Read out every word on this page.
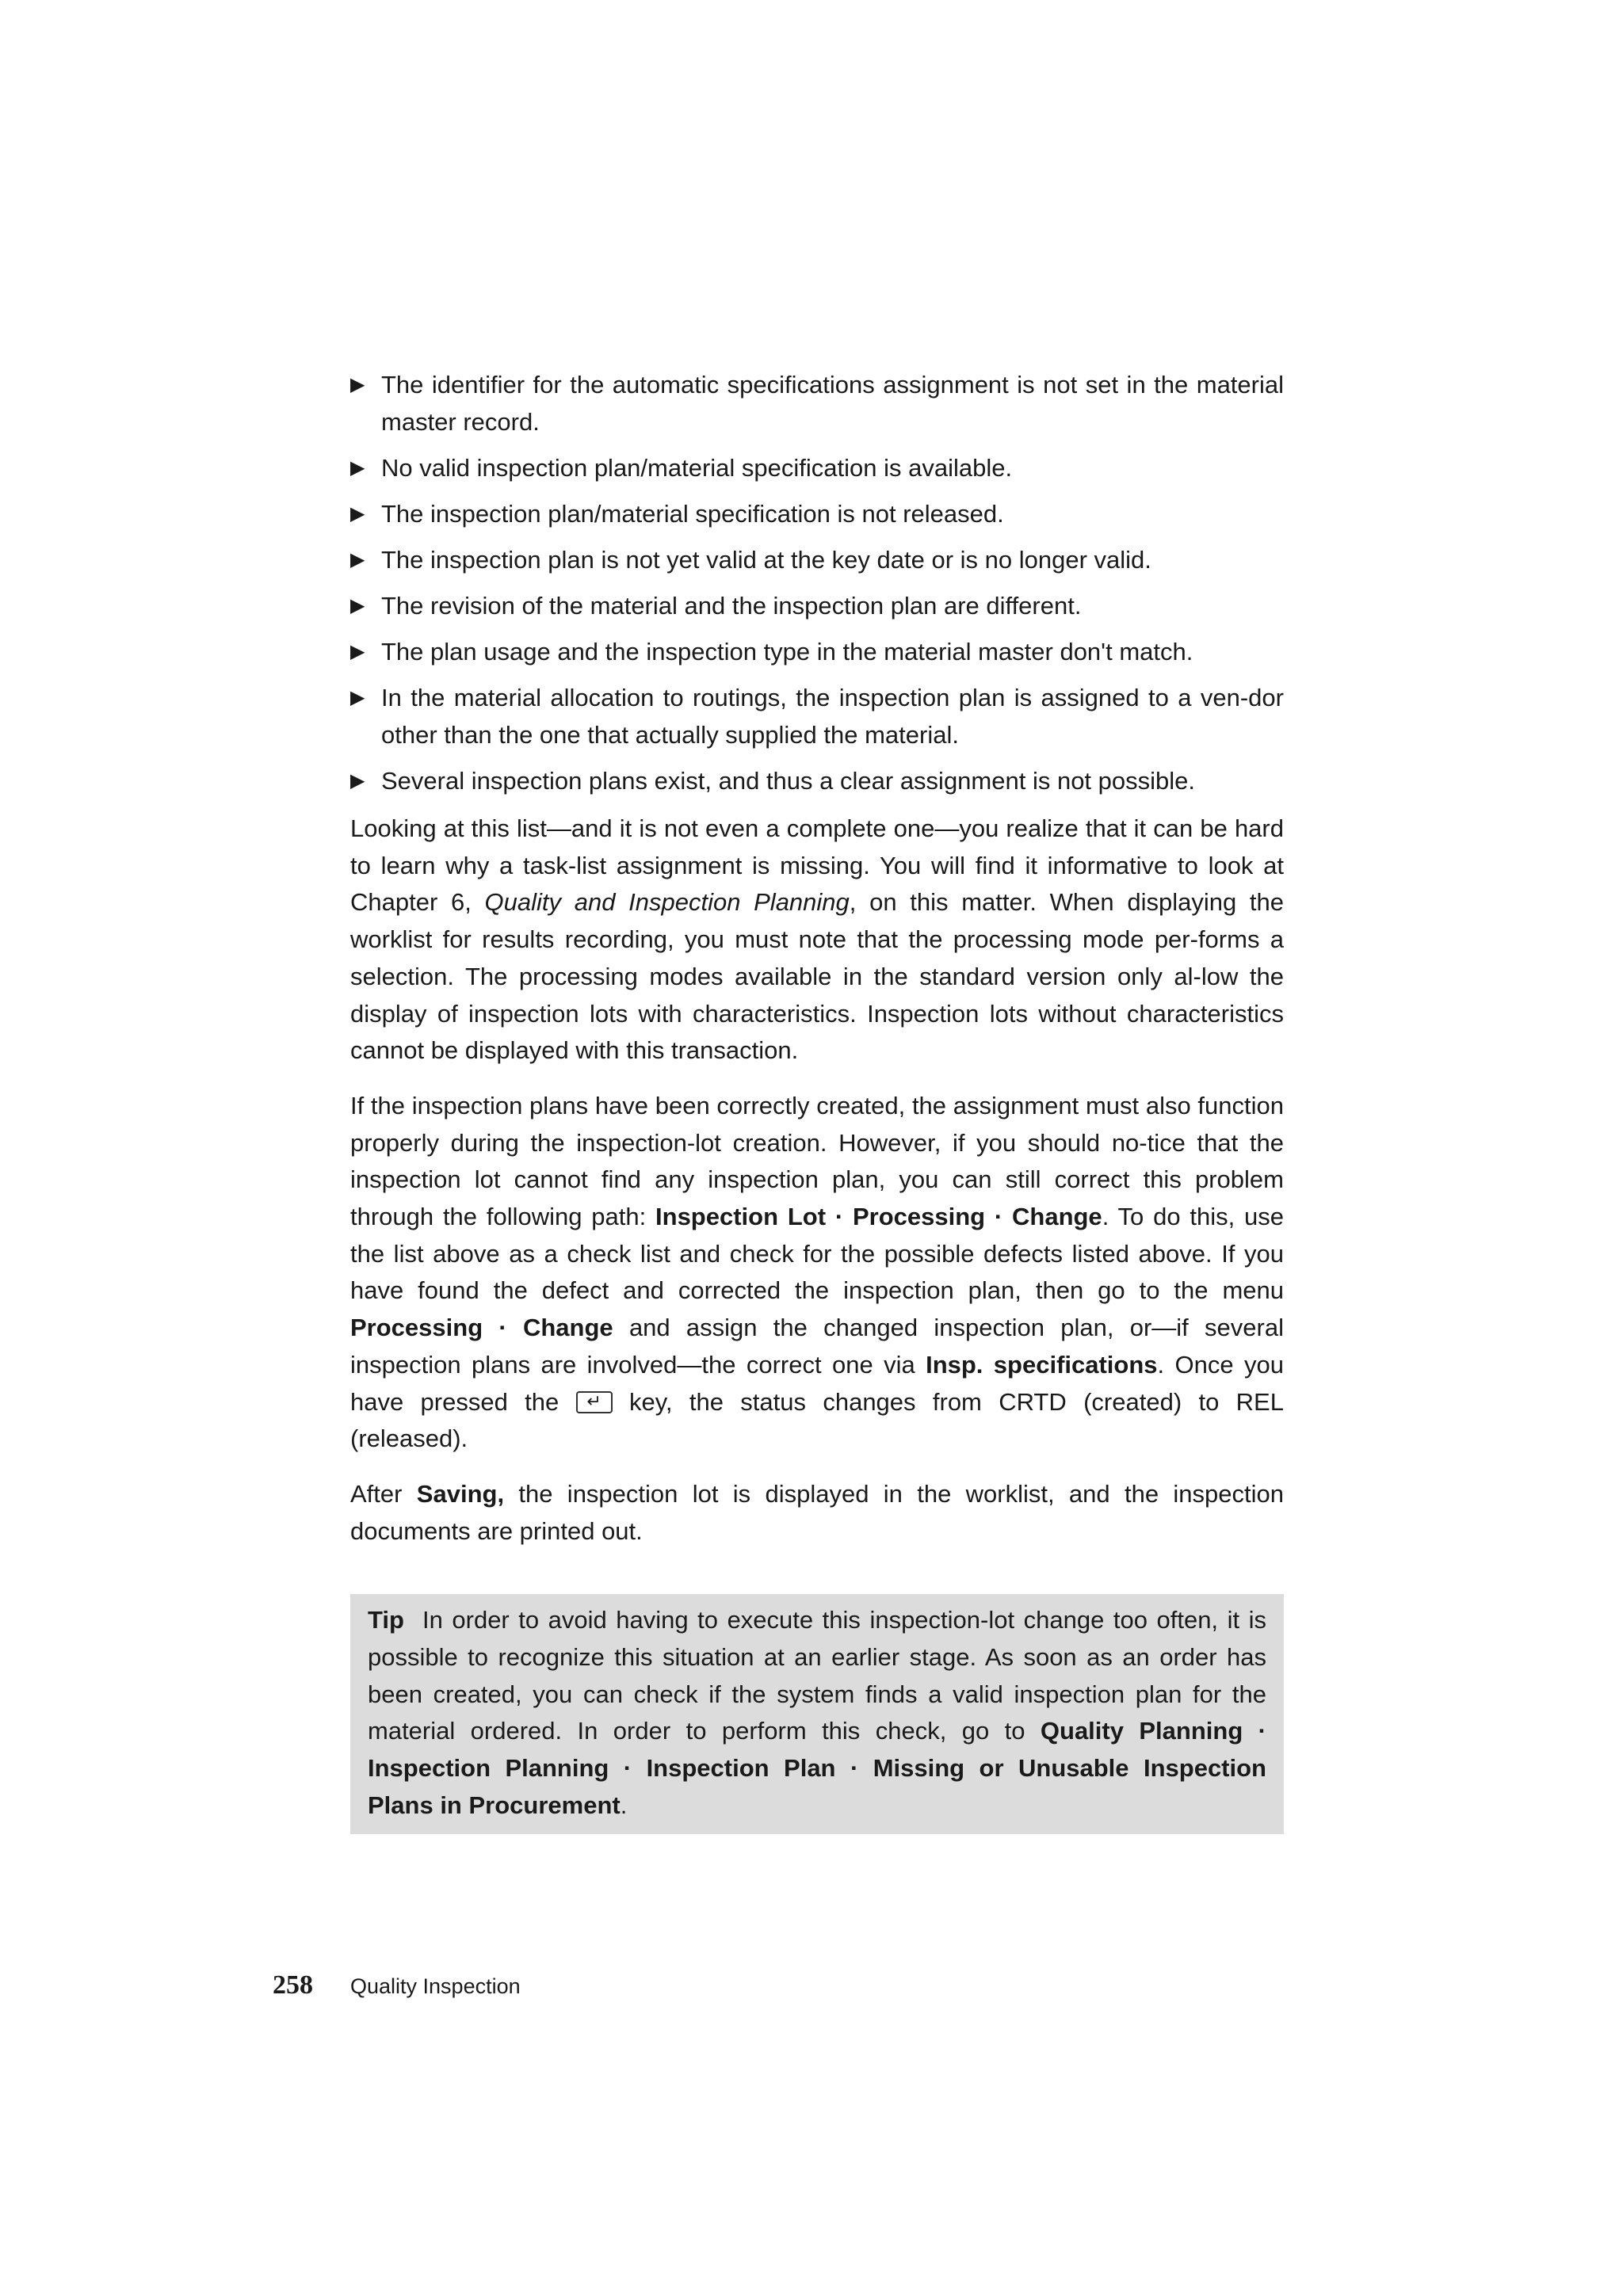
▶ The identifier for the automatic specifications assignment is not set in the material master record.
▶ No valid inspection plan/material specification is available.
▶ The inspection plan/material specification is not released.
▶ The inspection plan is not yet valid at the key date or is no longer valid.
▶ The revision of the material and the inspection plan are different.
▶ The plan usage and the inspection type in the material master don't match.
▶ In the material allocation to routings, the inspection plan is assigned to a ven-dor other than the one that actually supplied the material.
▶ Several inspection plans exist, and thus a clear assignment is not possible.

Looking at this list—and it is not even a complete one—you realize that it can be hard to learn why a task-list assignment is missing. You will find it informative to look at Chapter 6, Quality and Inspection Planning, on this matter. When displaying the worklist for results recording, you must note that the processing mode per-forms a selection. The processing modes available in the standard version only al-low the display of inspection lots with characteristics. Inspection lots without characteristics cannot be displayed with this transaction.

If the inspection plans have been correctly created, the assignment must also function properly during the inspection-lot creation. However, if you should no-tice that the inspection lot cannot find any inspection plan, you can still correct this problem through the following path: Inspection Lot · Processing · Change. To do this, use the list above as a check list and check for the possible defects listed above. If you have found the defect and corrected the inspection plan, then go to the menu Processing · Change and assign the changed inspection plan, or—if several inspection plans are involved—the correct one via Insp. specifications. Once you have pressed the ↵ key, the status changes from CRTD (created) to REL (released).

After Saving, the inspection lot is displayed in the worklist, and the inspection documents are printed out.

Tip In order to avoid having to execute this inspection-lot change too often, it is possible to recognize this situation at an earlier stage. As soon as an order has been created, you can check if the system finds a valid inspection plan for the material ordered. In order to perform this check, go to Quality Planning · Inspection Planning · Inspection Plan · Missing or Unusable Inspection Plans in Procurement.
258 Quality Inspection
